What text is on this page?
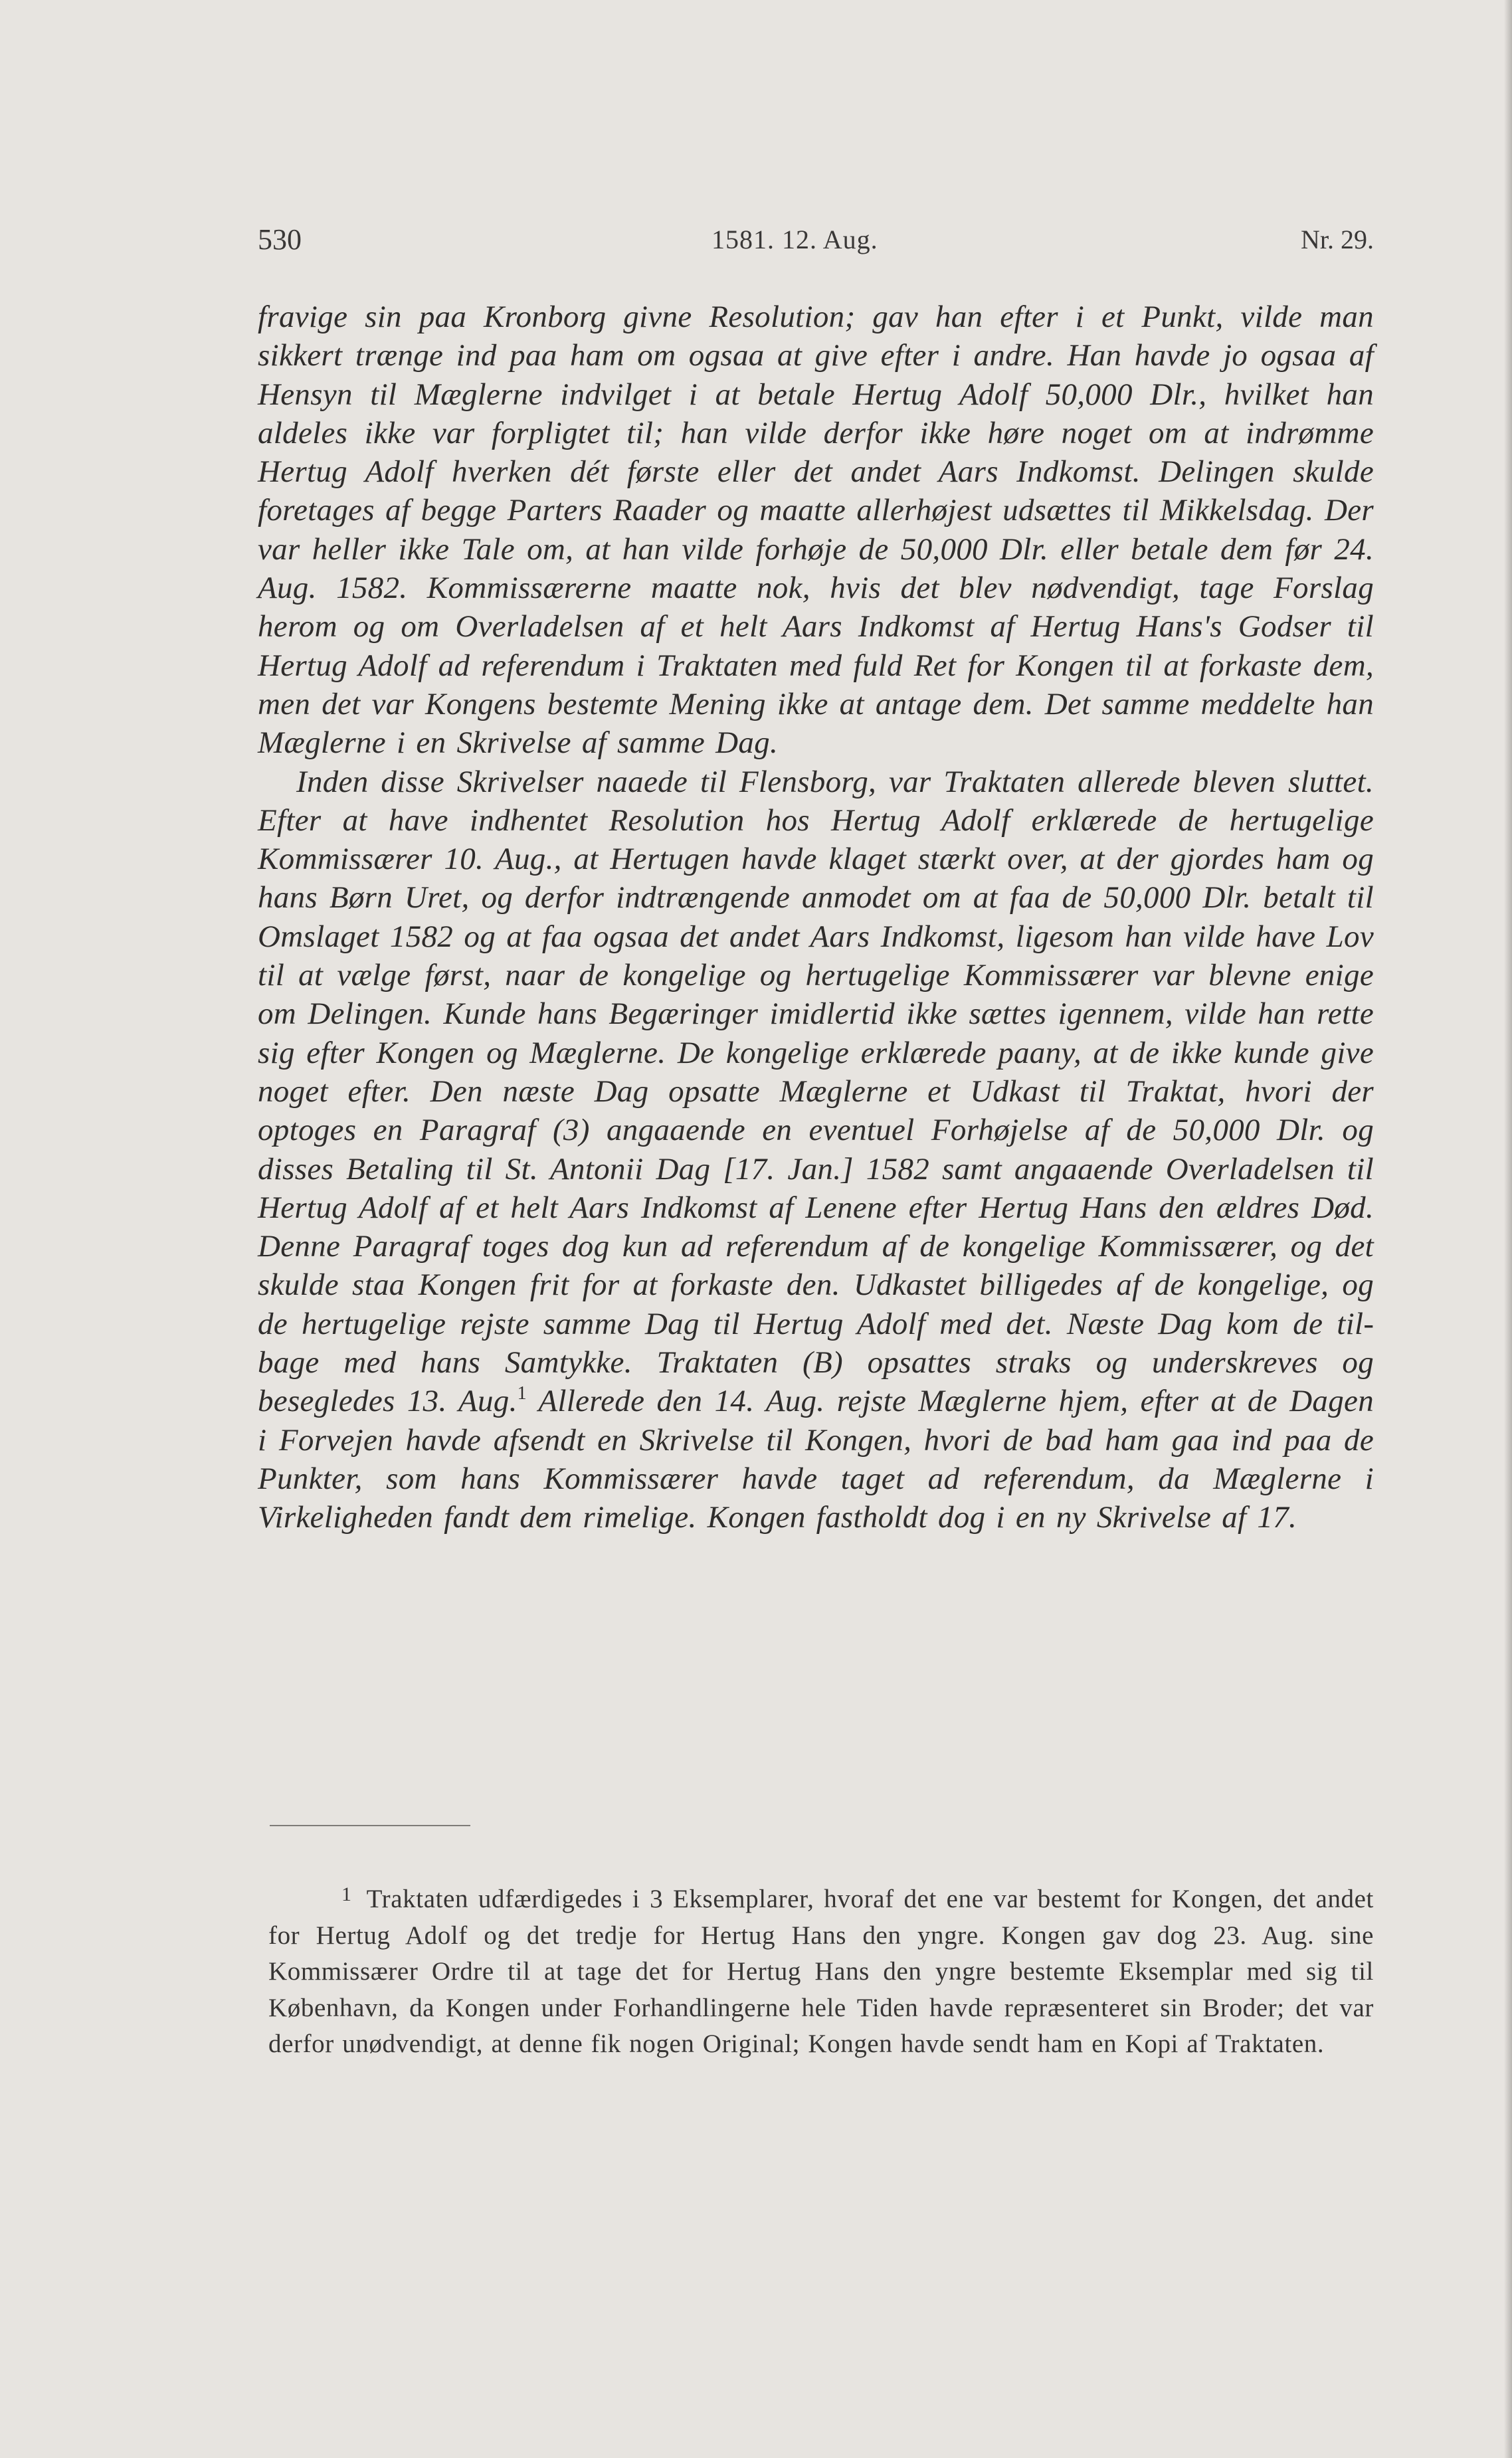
530	1581. 12. Aug.	Nr. 29.

fravige sin paa Kronborg givne Resolution; gav han efter i et Punkt, vilde man sikkert trænge ind paa ham om ogsaa at give efter i andre. Han havde jo ogsaa af Hensyn til Mæglerne indvilget i at betale Hertug Adolf 50,000 Dlr., hvilket han aldeles ikke var forpligtet til; han vilde derfor ikke høre noget om at indrømme Hertug Adolf hverken dét første eller det andet Aars Indkomst. Delingen skulde foretages af begge Parters Raader og maatte allerhøjest udsættes til Mikkelsdag. Der var heller ikke Tale om, at han vilde forhøje de 50,000 Dlr. eller betale dem før 24. Aug. 1582. Kommissærerne maatte nok, hvis det blev nødvendigt, tage Forslag herom og om Overladelsen af et helt Aars Indkomst af Hertug Hans's Godser til Hertug Adolf ad referendum i Traktaten med fuld Ret for Kongen til at forkaste dem, men det var Kongens bestemte Mening ikke at antage dem. Det samme meddelte han Mæglerne i en Skrivelse af samme Dag.

Inden disse Skrivelser naaede til Flensborg, var Traktaten allerede bleven sluttet. Efter at have indhentet Resolution hos Hertug Adolf erklærede de hertugelige Kommissærer 10. Aug., at Hertugen havde klaget stærkt over, at der gjordes ham og hans Børn Uret, og derfor indtrængende anmodet om at faa de 50,000 Dlr. betalt til Omslaget 1582 og at faa ogsaa det andet Aars Indkomst, ligesom han vilde have Lov til at vælge først, naar de kongelige og hertugelige Kommissærer var blevne enige om Delingen. Kunde hans Begæringer imidlertid ikke sættes igennem, vilde han rette sig efter Kongen og Mæglerne. De kongelige erklærede paany, at de ikke kunde give noget efter. Den næste Dag opsatte Mæglerne et Udkast til Traktat, hvori der optoges en Paragraf (3) angaaende en eventuel Forhøjelse af de 50,000 Dlr. og disses Betaling til St. Antonii Dag [17. Jan.] 1582 samt angaaende Overladelsen til Hertug Adolf af et helt Aars Indkomst af Lenene efter Hertug Hans den ældres Død. Denne Paragraf toges dog kun ad referendum af de kongelige Kommissærer, og det skulde staa Kongen frit for at forkaste den. Udkastet billigedes af de kongelige, og de hertugelige rejste samme Dag til Hertug Adolf med det. Næste Dag kom de tilbage med hans Samtykke. Traktaten (B) opsattes straks og underskreves og besegledes 13. Aug.$^1$ Allerede den 14. Aug. rejste Mæglerne hjem, efter at de Dagen i Forvejen havde afsendt en Skrivelse til Kongen, hvori de bad ham gaa ind paa de Punkter, som hans Kommissærer havde taget ad referendum, da Mæglerne i Virkeligheden fandt dem rimelige. Kongen fastholdt dog i en ny Skrivelse af 17.

$^1$ Traktaten udfærdigedes i 3 Eksemplarer, hvoraf det ene var bestemt for Kongen, det andet for Hertug Adolf og det tredje for Hertug Hans den yngre. Kongen gav dog 23. Aug. sine Kommissærer Ordre til at tage det for Hertug Hans den yngre bestemte Eksemplar med sig til København, da Kongen under Forhandlingerne hele Tiden havde repræsenteret sin Broder; det var derfor unødvendigt, at denne fik nogen Original; Kongen havde sendt ham en Kopi af Traktaten.
